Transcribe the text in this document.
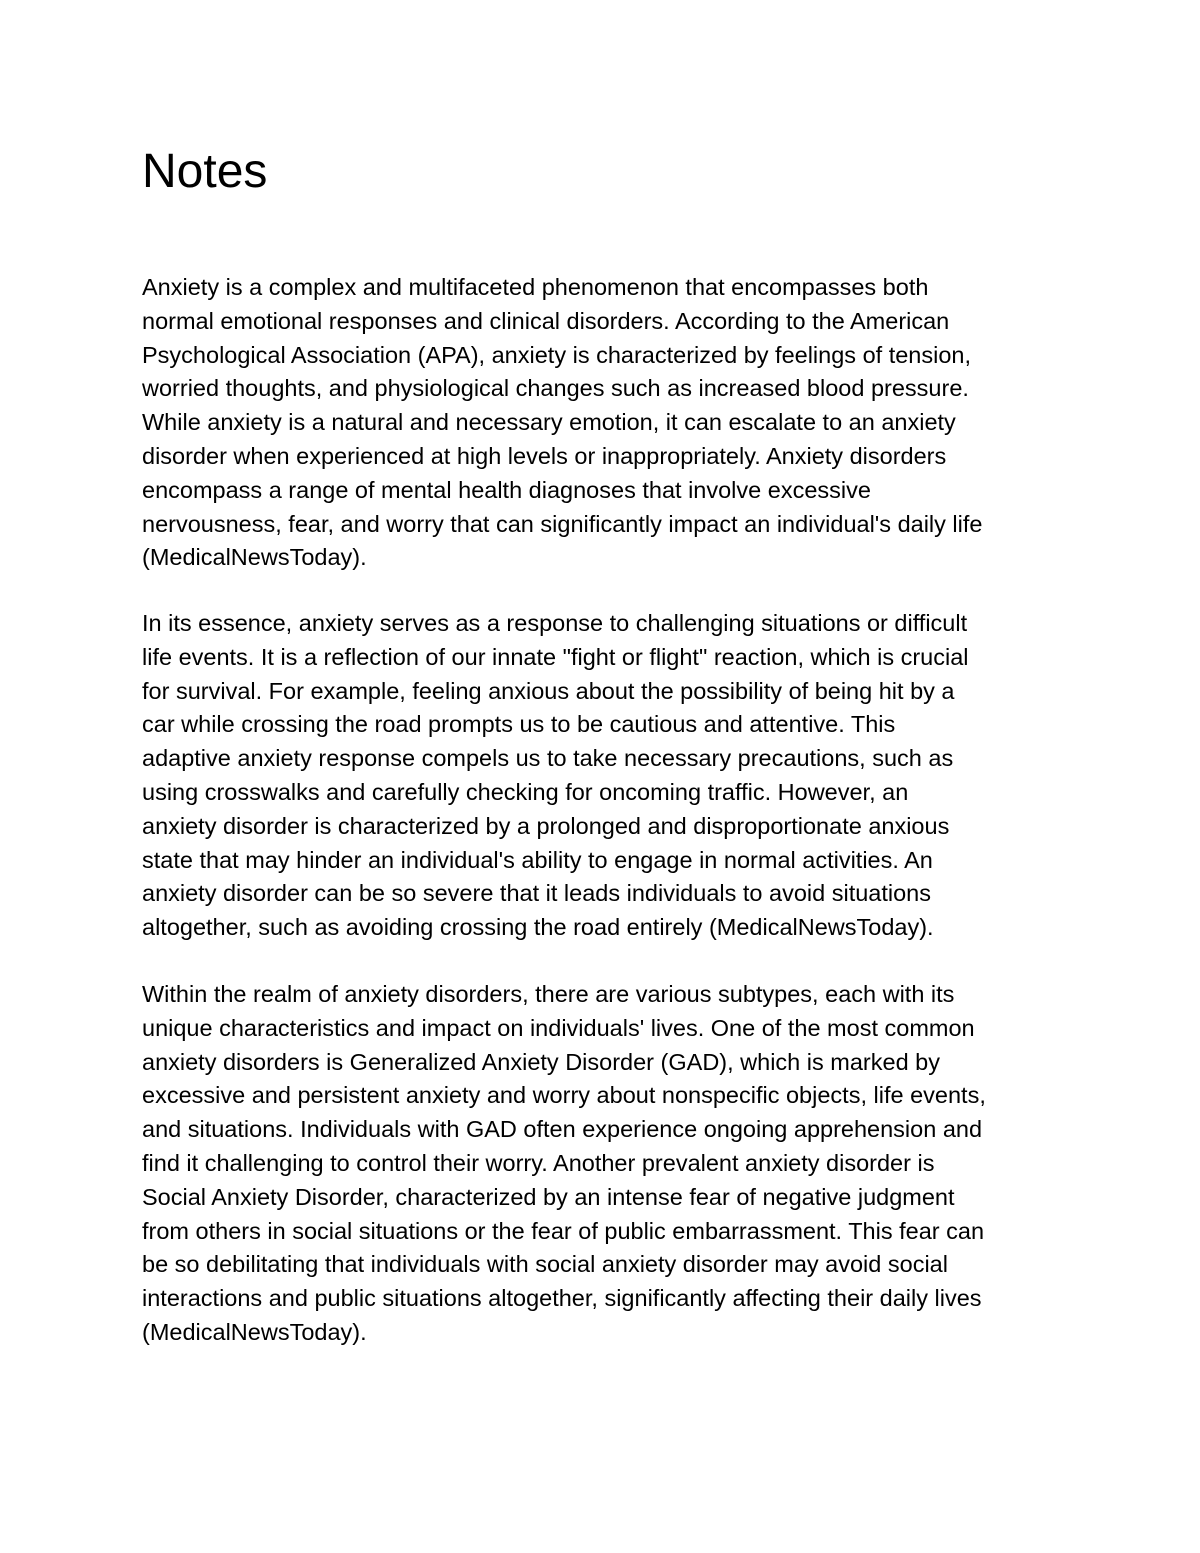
Notes

Anxiety is a complex and multifaceted phenomenon that encompasses both
normal emotional responses and clinical disorders. According to the American
Psychological Association (APA), anxiety is characterized by feelings of tension,
worried thoughts, and physiological changes such as increased blood pressure.
While anxiety is a natural and necessary emotion, it can escalate to an anxiety
disorder when experienced at high levels or inappropriately. Anxiety disorders
encompass a range of mental health diagnoses that involve excessive
nervousness, fear, and worry that can significantly impact an individual's daily life
(MedicalNewsToday).

In its essence, anxiety serves as a response to challenging situations or difficult
life events. It is a reflection of our innate "fight or flight" reaction, which is crucial
for survival. For example, feeling anxious about the possibility of being hit by a
car while crossing the road prompts us to be cautious and attentive. This
adaptive anxiety response compels us to take necessary precautions, such as
using crosswalks and carefully checking for oncoming traffic. However, an
anxiety disorder is characterized by a prolonged and disproportionate anxious
state that may hinder an individual's ability to engage in normal activities. An
anxiety disorder can be so severe that it leads individuals to avoid situations
altogether, such as avoiding crossing the road entirely (MedicalNewsToday).

Within the realm of anxiety disorders, there are various subtypes, each with its
unique characteristics and impact on individuals' lives. One of the most common
anxiety disorders is Generalized Anxiety Disorder (GAD), which is marked by
excessive and persistent anxiety and worry about nonspecific objects, life events,
and situations. Individuals with GAD often experience ongoing apprehension and
find it challenging to control their worry. Another prevalent anxiety disorder is
Social Anxiety Disorder, characterized by an intense fear of negative judgment
from others in social situations or the fear of public embarrassment. This fear can
be so debilitating that individuals with social anxiety disorder may avoid social
interactions and public situations altogether, significantly affecting their daily lives
(MedicalNewsToday).
